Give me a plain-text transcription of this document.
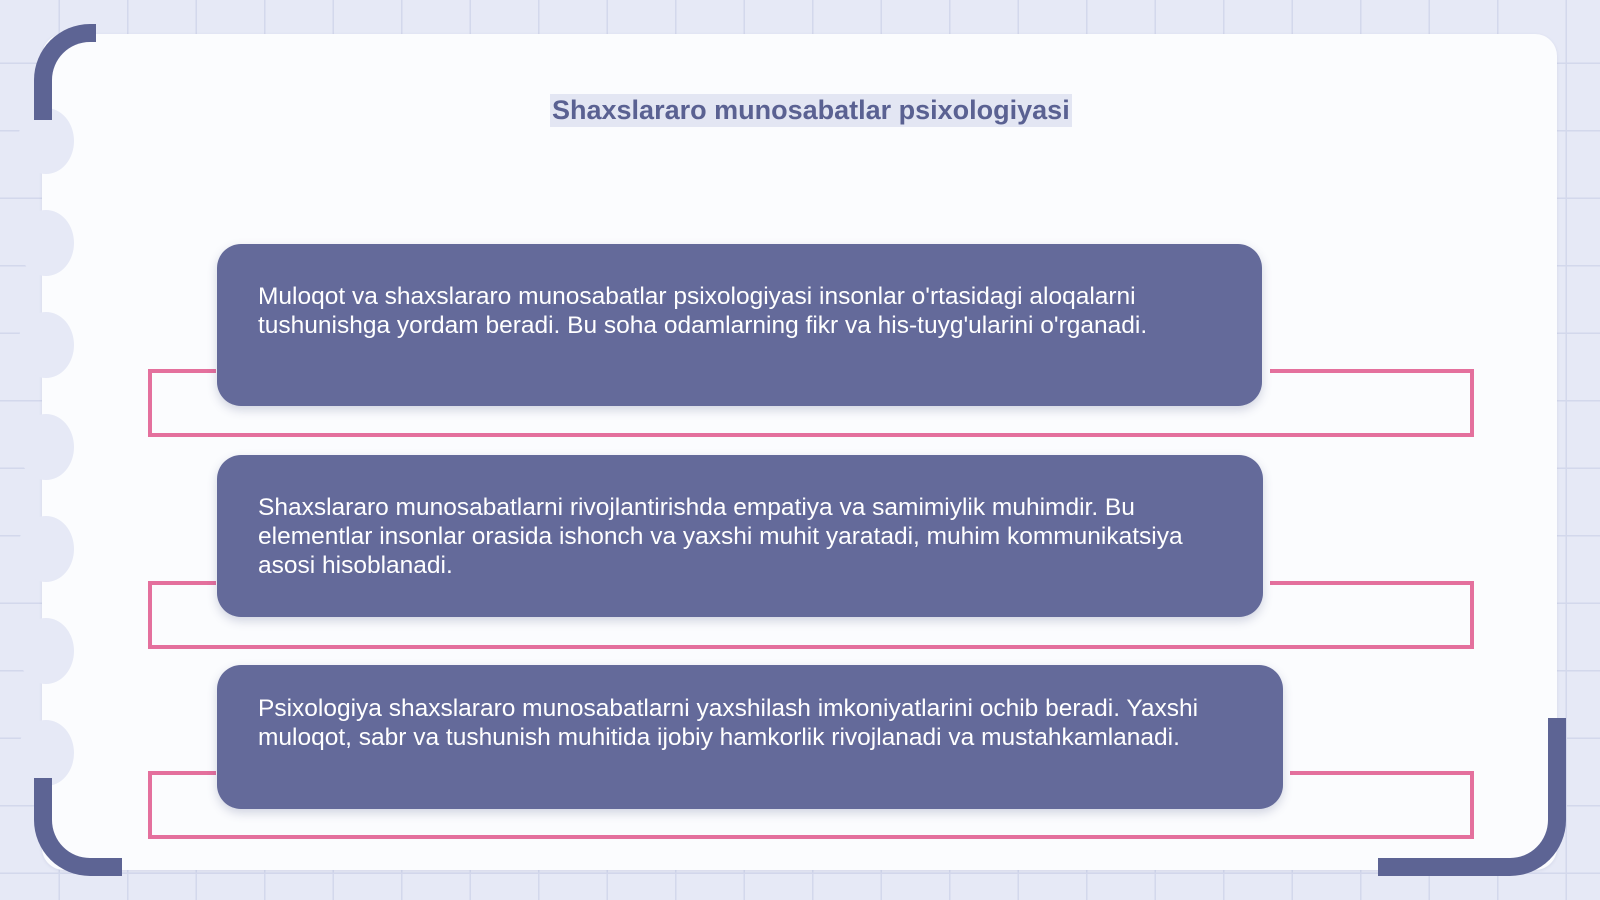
Shaxslararo munosabatlar psixologiyasi

Muloqot va shaxslararo munosabatlar psixologiyasi insonlar o'rtasidagi aloqalarni tushunishga yordam beradi. Bu soha odamlarning fikr va his-tuyg'ularini o'rganadi.

Shaxslararo munosabatlarni rivojlantirishda empatiya va samimiylik muhimdir. Bu elementlar insonlar orasida ishonch va yaxshi muhit yaratadi, muhim kommunikatsiya asosi hisoblanadi.

Psixologiya shaxslararo munosabatlarni yaxshilash imkoniyatlarini ochib beradi. Yaxshi muloqot, sabr va tushunish muhitida ijobiy hamkorlik rivojlanadi va mustahkamlanadi.
